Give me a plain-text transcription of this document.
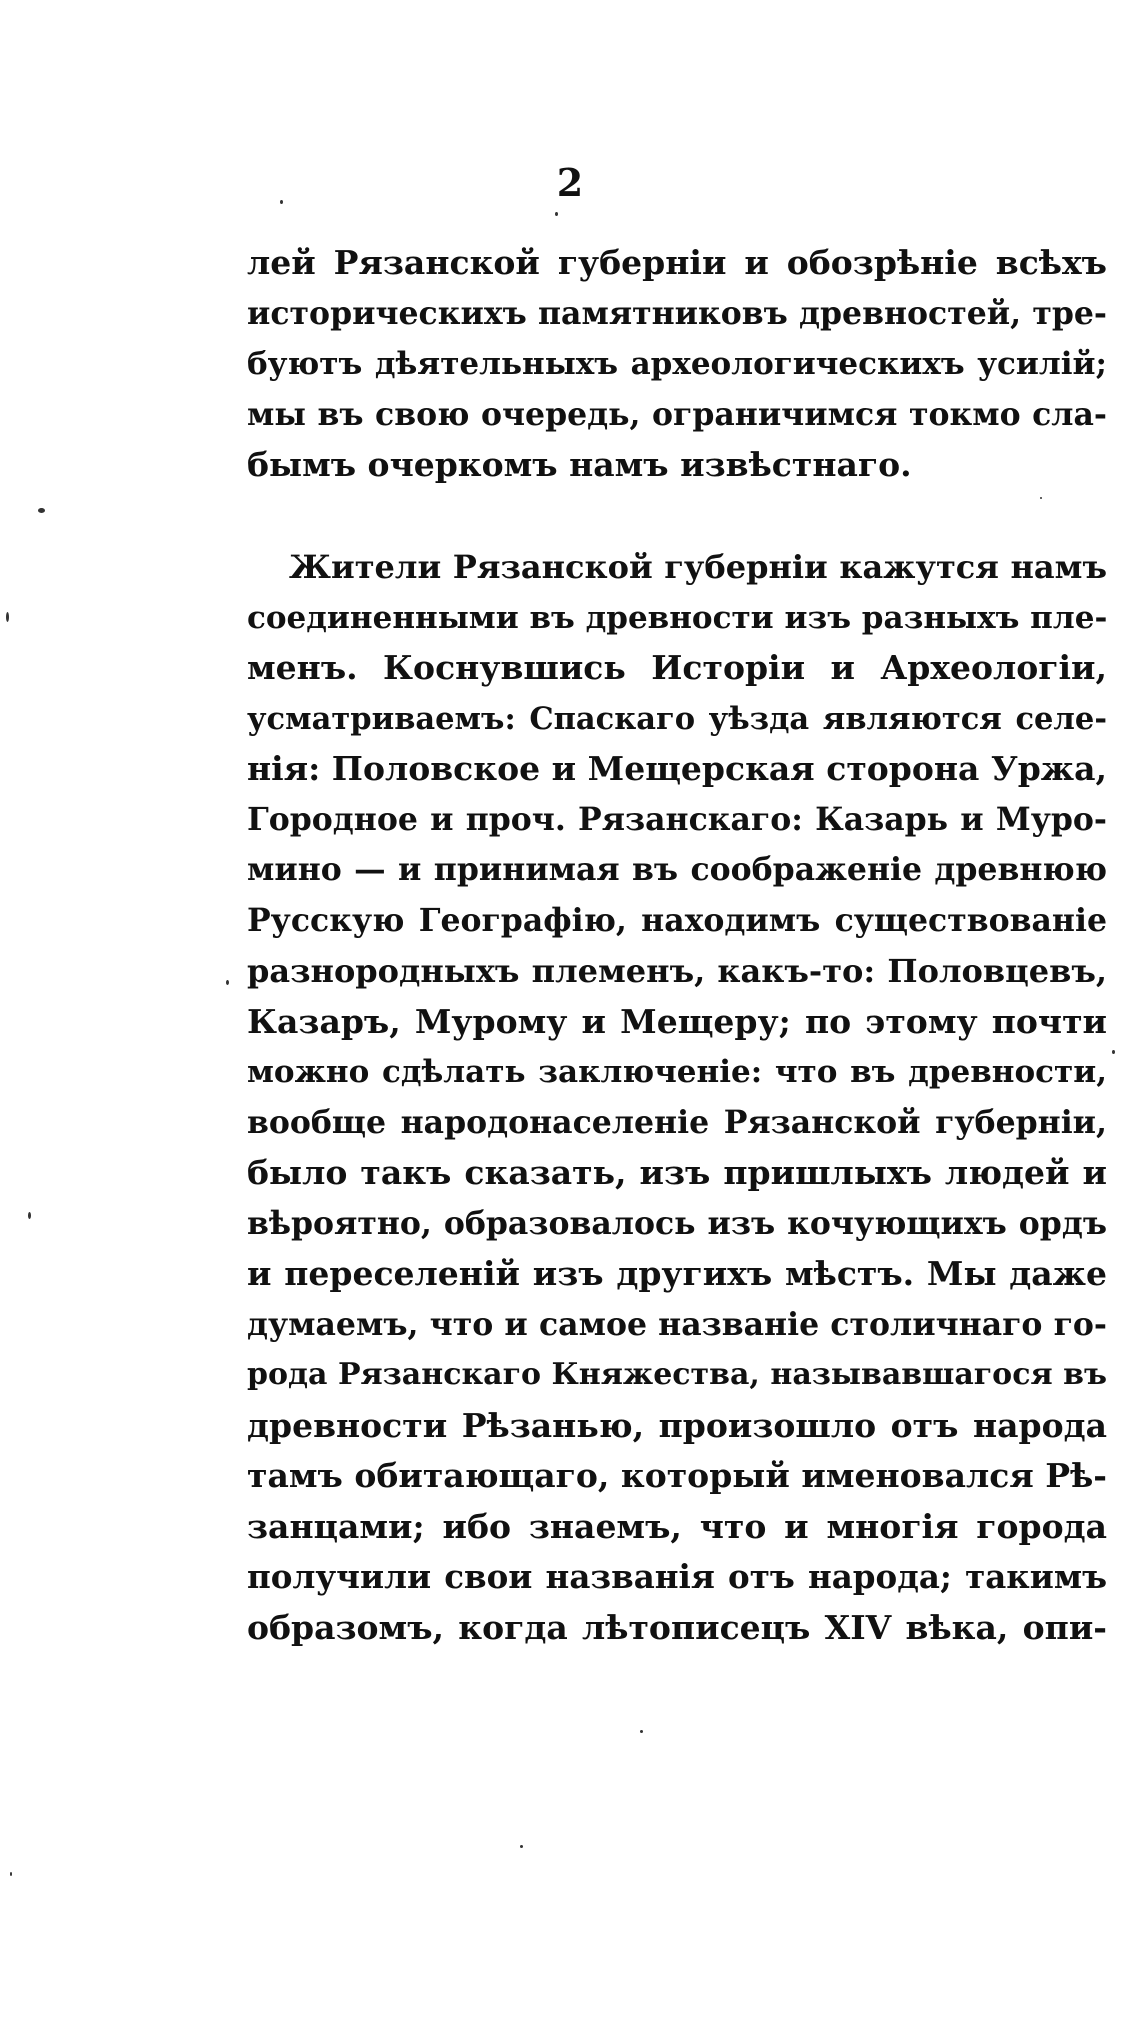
2
лей Рязанской губерніи и обозрѣніе всѣхъ
историческихъ памятниковъ древностей, тре-
буютъ дѣятельныхъ археологическихъ усилій;
мы въ свою очередь, ограничимся токмо сла-
бымъ очеркомъ намъ извѣстнаго.
Жители Рязанской губерніи кажутся намъ
соединенными въ древности изъ разныхъ пле-
менъ. Коснувшись Исторіи и Археологіи,
усматриваемъ: Спаскаго уѣзда являются селе-
нія: Половское и Мещерская сторона Уржа,
Городное и проч. Рязанскаго: Казарь и Муро-
мино — и принимая въ соображеніе древнюю
Русскую Географію, находимъ существованіе
разнородныхъ племенъ, какъ-то: Половцевъ,
Казаръ, Мурому и Мещеру; по этому почти
можно сдѣлать заключеніе: что въ древности,
вообще народонаселеніе Рязанской губерніи,
было такъ сказать, изъ пришлыхъ людей и
вѣроятно, образовалось изъ кочующихъ ордъ
и переселеній изъ другихъ мѣстъ. Мы даже
думаемъ, что и самое названіе столичнаго го-
рода Рязанскаго Княжества, называвшагося въ
древности Рѣзанью, произошло отъ народа
тамъ обитающаго, который именовался Рѣ-
занцами; ибо знаемъ, что и многія города
получили свои названія отъ народа; такимъ
образомъ, когда лѣтописецъ XIV вѣка, опи-
